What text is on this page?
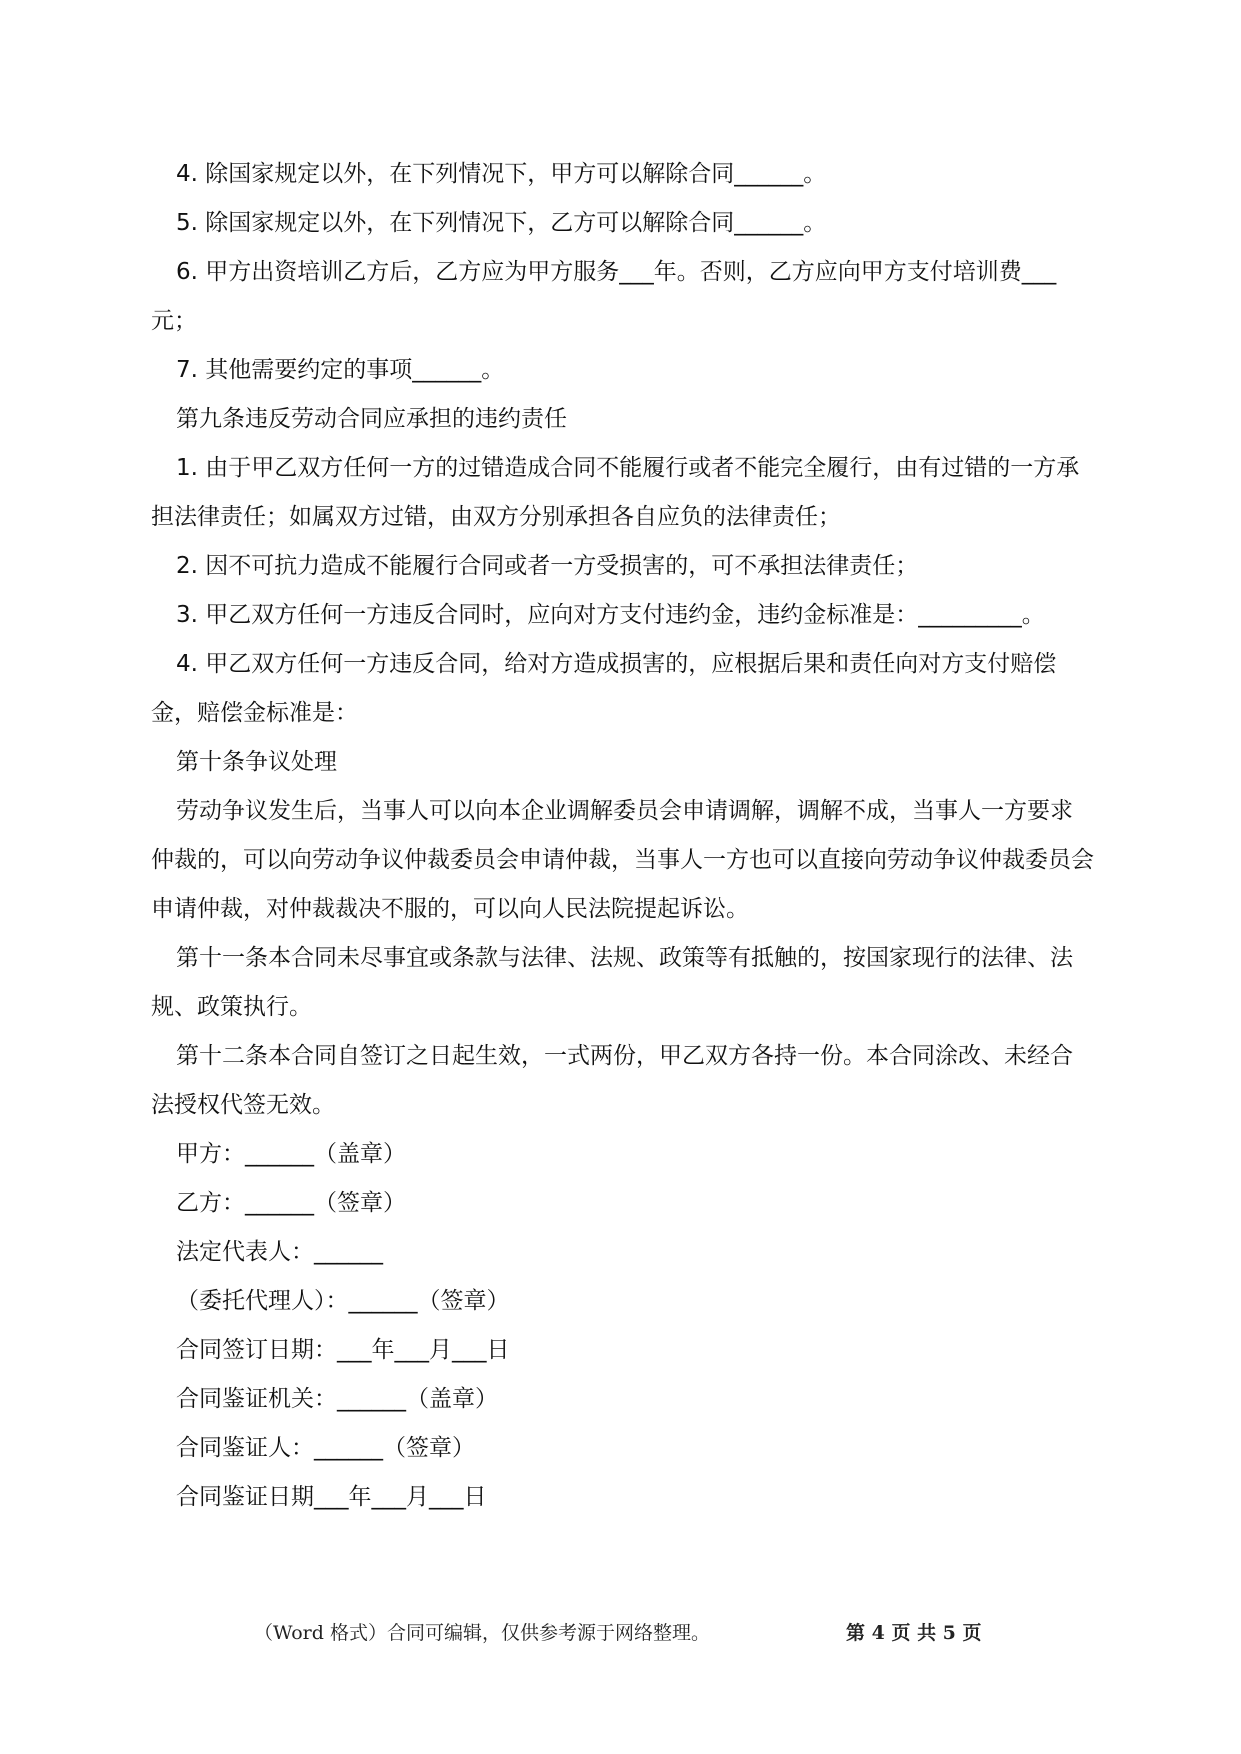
4. 除国家规定以外，在下列情况下，甲方可以解除合同______。

5. 除国家规定以外，在下列情况下，乙方可以解除合同______。

6. 甲方出资培训乙方后，乙方应为甲方服务___年。否则，乙方应向甲方支付培训费___元；

7. 其他需要约定的事项______。

第九条违反劳动合同应承担的违约责任

1. 由于甲乙双方任何一方的过错造成合同不能履行或者不能完全履行，由有过错的一方承担法律责任；如属双方过错，由双方分别承担各自应负的法律责任；

2. 因不可抗力造成不能履行合同或者一方受损害的，可不承担法律责任；

3. 甲乙双方任何一方违反合同时，应向对方支付违约金，违约金标准是：_________。

4. 甲乙双方任何一方违反合同，给对方造成损害的，应根据后果和责任向对方支付赔偿金，赔偿金标准是：

第十条争议处理

劳动争议发生后，当事人可以向本企业调解委员会申请调解，调解不成，当事人一方要求仲裁的，可以向劳动争议仲裁委员会申请仲裁，当事人一方也可以直接向劳动争议仲裁委员会申请仲裁，对仲裁裁决不服的，可以向人民法院提起诉讼。

第十一条本合同未尽事宜或条款与法律、法规、政策等有抵触的，按国家现行的法律、法规、政策执行。

第十二条本合同自签订之日起生效，一式两份，甲乙双方各持一份。本合同涂改、未经合法授权代签无效。

甲方：______（盖章）

乙方：______（签章）

法定代表人：______

（委托代理人）：______（签章）

合同签订日期：___年___月___日

合同鉴证机关：______（盖章）

合同鉴证人：______（签章）

合同鉴证日期___年___月___日

（Word 格式）合同可编辑，仅供参考源于网络整理。	第 4 页 共 5 页
